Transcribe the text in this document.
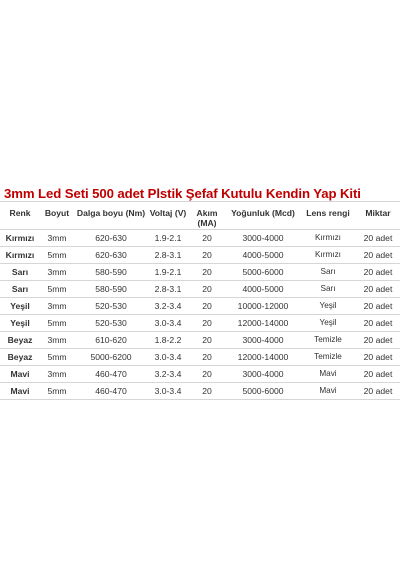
3mm Led Seti 500 adet Plstik Şefaf Kutulu Kendin Yap Kiti
Renk	Boyut	Dalga boyu (Nm)	Voltaj (V)	Akım (MA)	Yoğunluk (Mcd)	Lens rengi	Miktar
Kırmızı	3mm	620-630	1.9-2.1	20	3000-4000	Kırmızı	20 adet
Kırmızı	5mm	620-630	2.8-3.1	20	4000-5000	Kırmızı	20 adet
Sarı	3mm	580-590	1.9-2.1	20	5000-6000	Sarı	20 adet
Sarı	5mm	580-590	2.8-3.1	20	4000-5000	Sarı	20 adet
Yeşil	3mm	520-530	3.2-3.4	20	10000-12000	Yeşil	20 adet
Yeşil	5mm	520-530	3.0-3.4	20	12000-14000	Yeşil	20 adet
Beyaz	3mm	610-620	1.8-2.2	20	3000-4000	Temizle	20 adet
Beyaz	5mm	5000-6200	3.0-3.4	20	12000-14000	Temizle	20 adet
Mavi	3mm	460-470	3.2-3.4	20	3000-4000	Mavi	20 adet
Mavi	5mm	460-470	3.0-3.4	20	5000-6000	Mavi	20 adet
